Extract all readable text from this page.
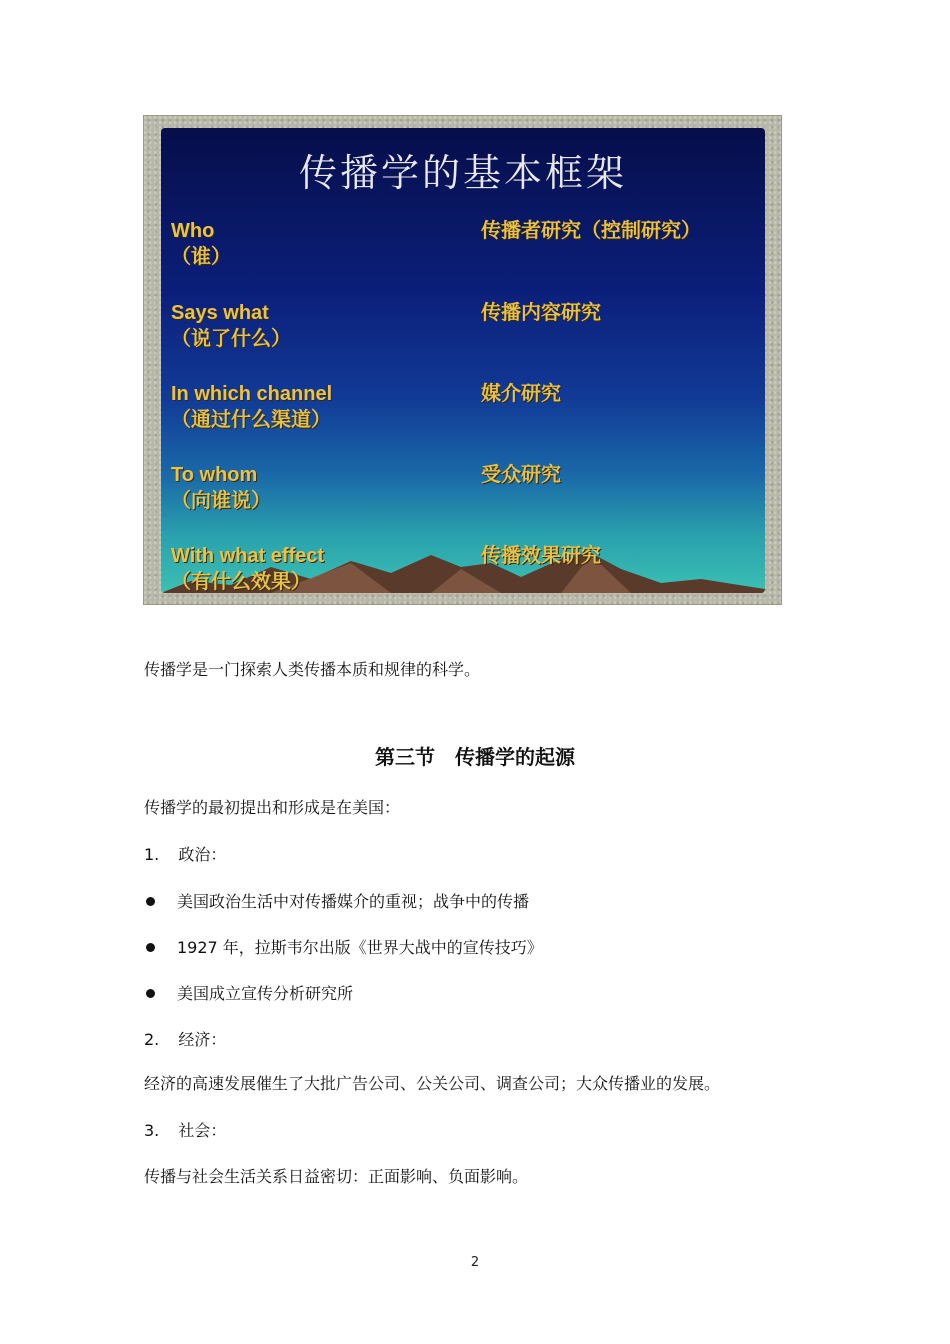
传播学的基本框架
Who
（谁）
传播者研究（控制研究）
Says what
（说了什么）
传播内容研究
In which channel
（通过什么渠道）
媒介研究
To whom
（向谁说）
受众研究
With what effect
（有什么效果）
传播效果研究
传播学是一门探索人类传播本质和规律的科学。
第三节 传播学的起源
传播学的最初提出和形成是在美国：
1. 政治：
美国政治生活中对传播媒介的重视；战争中的传播
1927 年，拉斯韦尔出版《世界大战中的宣传技巧》
美国成立宣传分析研究所
2. 经济：
经济的高速发展催生了大批广告公司、公关公司、调查公司；大众传播业的发展。
3. 社会：
传播与社会生活关系日益密切：正面影响、负面影响。
2
